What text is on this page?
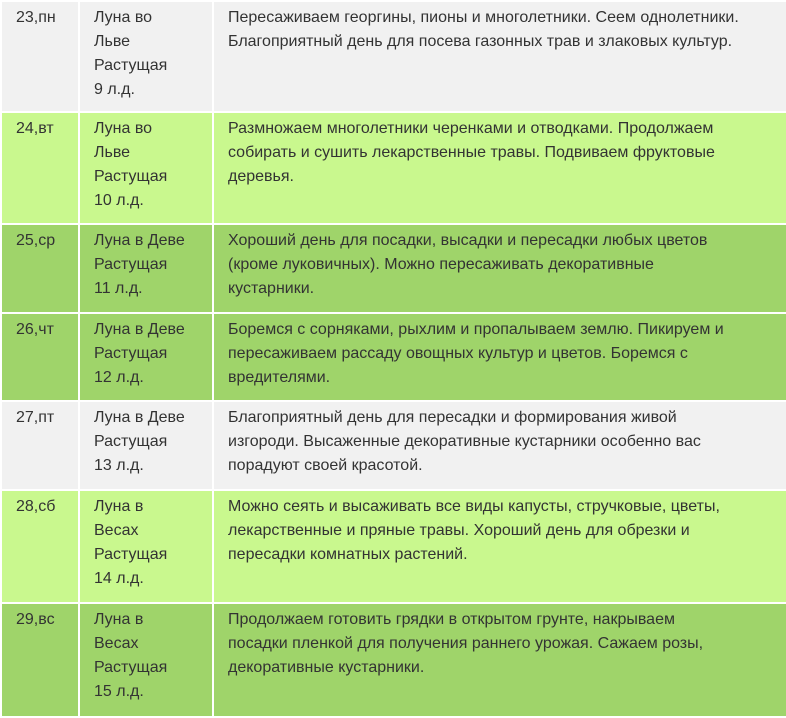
23,пн	Луна во
Льве
Растущая
9 л.д.	Пересаживаем георгины, пионы и многолетники. Сеем однолетники.
Благоприятный день для посева газонных трав и злаковых культур.

24,вт	Луна во
Льве
Растущая
10 л.д.	Размножаем многолетники черенками и отводками. Продолжаем
собирать и сушить лекарственные травы. Подвиваем фруктовые
деревья.

25,ср	Луна в Деве
Растущая
11 л.д.	Хороший день для посадки, высадки и пересадки любых цветов
(кроме луковичных). Можно пересаживать декоративные
кустарники.

26,чт	Луна в Деве
Растущая
12 л.д.	Боремся с сорняками, рыхлим и пропалываем землю. Пикируем и
пересаживаем рассаду овощных культур и цветов. Боремся с
вредителями.

27,пт	Луна в Деве
Растущая
13 л.д.	Благоприятный день для пересадки и формирования живой
изгороди. Высаженные декоративные кустарники особенно вас
порадуют своей красотой.

28,сб	Луна в
Весах
Растущая
14 л.д.	Можно сеять и высаживать все виды капусты, стручковые, цветы,
лекарственные и пряные травы. Хороший день для обрезки и
пересадки комнатных растений.

29,вс	Луна в
Весах
Растущая
15 л.д.	Продолжаем готовить грядки в открытом грунте, накрываем
посадки пленкой для получения раннего урожая. Сажаем розы,
декоративные кустарники.
